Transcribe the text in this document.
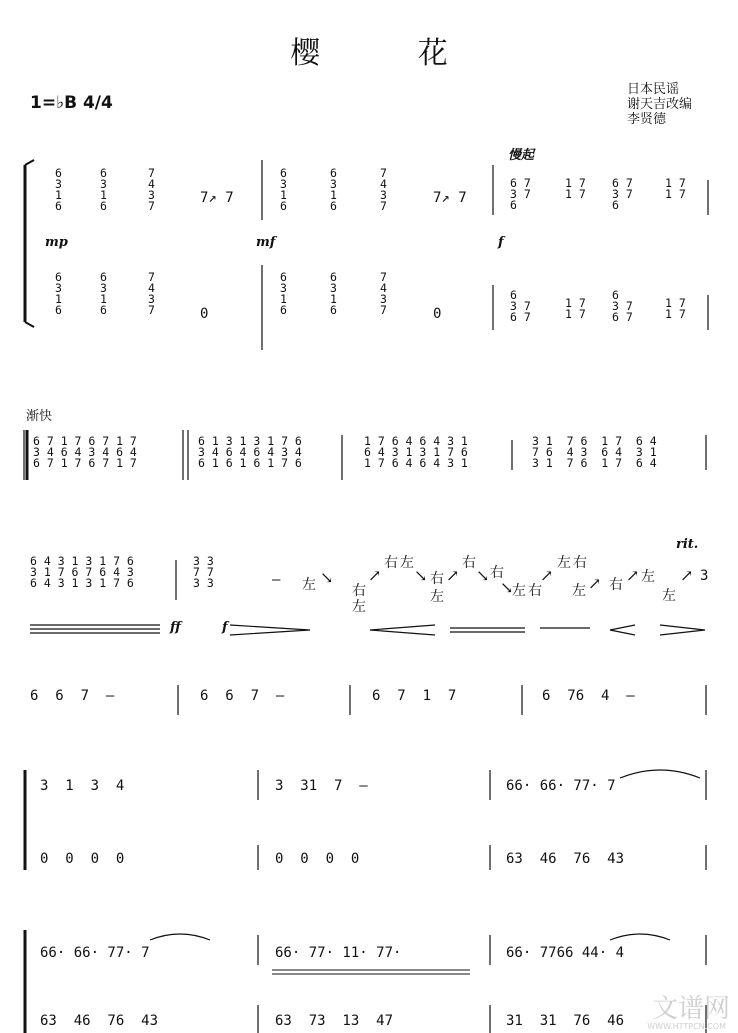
樱 花
1=♭B 4/4
日本民谣
谢天吉改编
李贤德
慢起
6
3
1
6
6
3
1
6
7
4
3
7	7↗ 7
6
3
1
6
6
3
1
6
7
4
3
7	7↗ 7
6 7
3 7
6
1 7
1 7
6 7
3 7
6
1 7
1 7
mp	mf	f
6
3
1
6
6
3
1
6
7
4
3
7	0
6
3
1
6
6
3
1
6
7
4
3
7	0
6
3 7
6 7
1 7
1 7
6
3 7
6 7
1 7
1 7
渐快
6 7 1 7 6 7 1 7
3 4 6 4 3 4 6 4
6 7 1 7 6 7 1 7
6 1 3 1 3 1 7 6
3 4 6 4 6 4 3 4
6 1 6 1 6 1 7 6
1 7 6 4 6 4 3 1
6 4 3 1 3 1 7 6
1 7 6 4 6 4 3 1
3 1  7 6  1 7  6 4
7 6  4 3  6 4  3 1
3 1  7 6  1 7  6 4
rit.
6 4 3 1 3 1 7 6
3 1 7 6 7 6 4 3
6 4 3 1 3 1 7 6
3 3
7 7
3 3
ff	f
– 左	右
左
右 左
右
左
右
右
左 右
左 右
左 右 左
左
↘ ↗ ↘ ↗ ↘
↘
↗ ↗ ↗	↗ 3
6  6  7  –	6  6  7  –	6  7  1  7	6  76  4  –
3  1  3  4	3  31  7  –	66· 66· 77· 7
0  0  0  0	0  0  0  0	63  46  76  43
66· 66· 77· 7	66· 77· 11· 77·	66· 7766 44· 4
63  46  76  43	63  73  13  47	31  31  76  46 文谱网
WWW.HTTPCN.COM
